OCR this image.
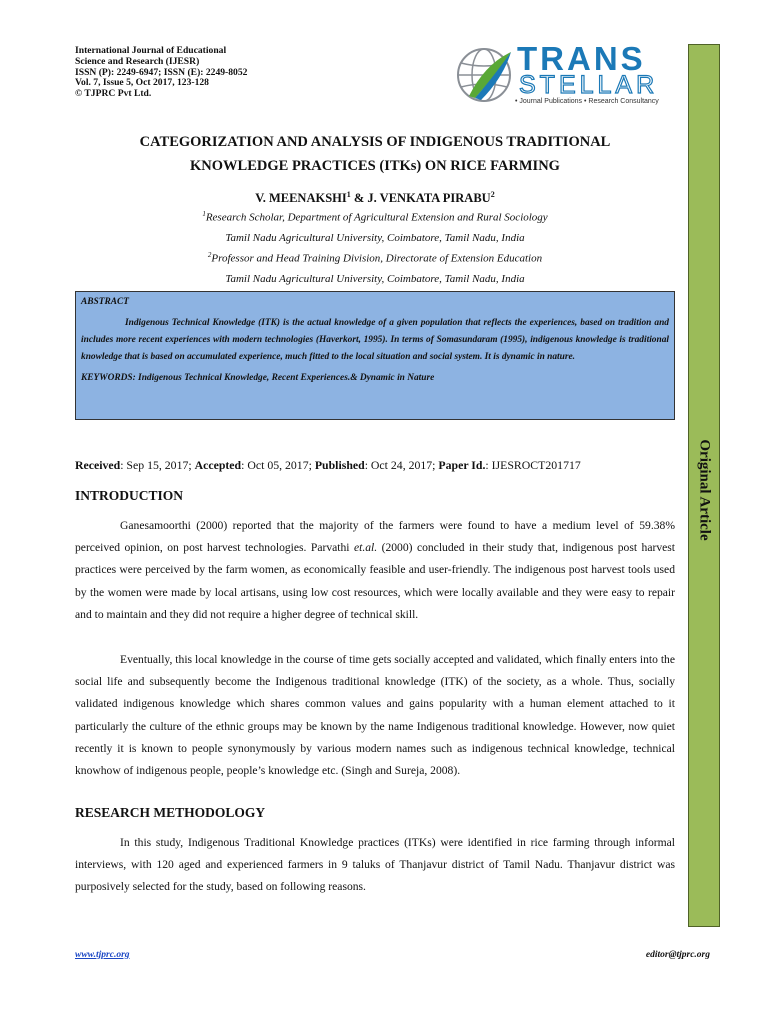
International Journal of Educational
Science and Research (IJESR)
ISSN (P): 2249-6947; ISSN (E): 2249-8052
Vol. 7, Issue 5, Oct 2017, 123-128
© TJPRC Pvt Ltd.
TRANS
STELLAR
• Journal Publications • Research Consultancy
Original Article
CATEGORIZATION AND ANALYSIS OF INDIGENOUS TRADITIONAL
KNOWLEDGE PRACTICES (ITKs) ON RICE FARMING
V. MEENAKSHI$^1$ & J. VENKATA PIRABU$^2$
$^1$Research Scholar, Department of Agricultural Extension and Rural Sociology
Tamil Nadu Agricultural University, Coimbatore, Tamil Nadu, India
$^2$Professor and Head Training Division, Directorate of Extension Education
Tamil Nadu Agricultural University, Coimbatore, Tamil Nadu, India
ABSTRACT
Indigenous Technical Knowledge (ITK) is the actual knowledge of a given population that reflects the experiences, based on tradition and includes more recent experiences with modern technologies (Haverkort, 1995). In terms of Somasundaram (1995), indigenous knowledge is traditional knowledge that is based on accumulated experience, much fitted to the local situation and social system. It is dynamic in nature.
KEYWORDS: Indigenous Technical Knowledge, Recent Experiences.& Dynamic in Nature
Received: Sep 15, 2017; Accepted: Oct 05, 2017; Published: Oct 24, 2017; Paper Id.: IJESROCT201717
INTRODUCTION
Ganesamoorthi (2000) reported that the majority of the farmers were found to have a medium level of 59.38% perceived opinion, on post harvest technologies. Parvathi et.al. (2000) concluded in their study that, indigenous post harvest practices were perceived by the farm women, as economically feasible and user-friendly. The indigenous post harvest tools used by the women were made by local artisans, using low cost resources, which were locally available and they were easy to repair and to maintain and they did not require a higher degree of technical skill.
Eventually, this local knowledge in the course of time gets socially accepted and validated, which finally enters into the social life and subsequently become the Indigenous traditional knowledge (ITK) of the society, as a whole. Thus, socially validated indigenous knowledge which shares common values and gains popularity with a human element attached to it particularly the culture of the ethnic groups may be known by the name Indigenous traditional knowledge. However, now quiet recently it is known to people synonymously by various modern names such as indigenous technical knowledge, technical knowhow of indigenous people, people’s knowledge etc. (Singh and Sureja, 2008).
RESEARCH METHODOLOGY
In this study, Indigenous Traditional Knowledge practices (ITKs) were identified in rice farming through informal interviews, with 120 aged and experienced farmers in 9 taluks of Thanjavur district of Tamil Nadu. Thanjavur district was purposively selected for the study, based on following reasons.
www.tjprc.org	editor@tjprc.org
